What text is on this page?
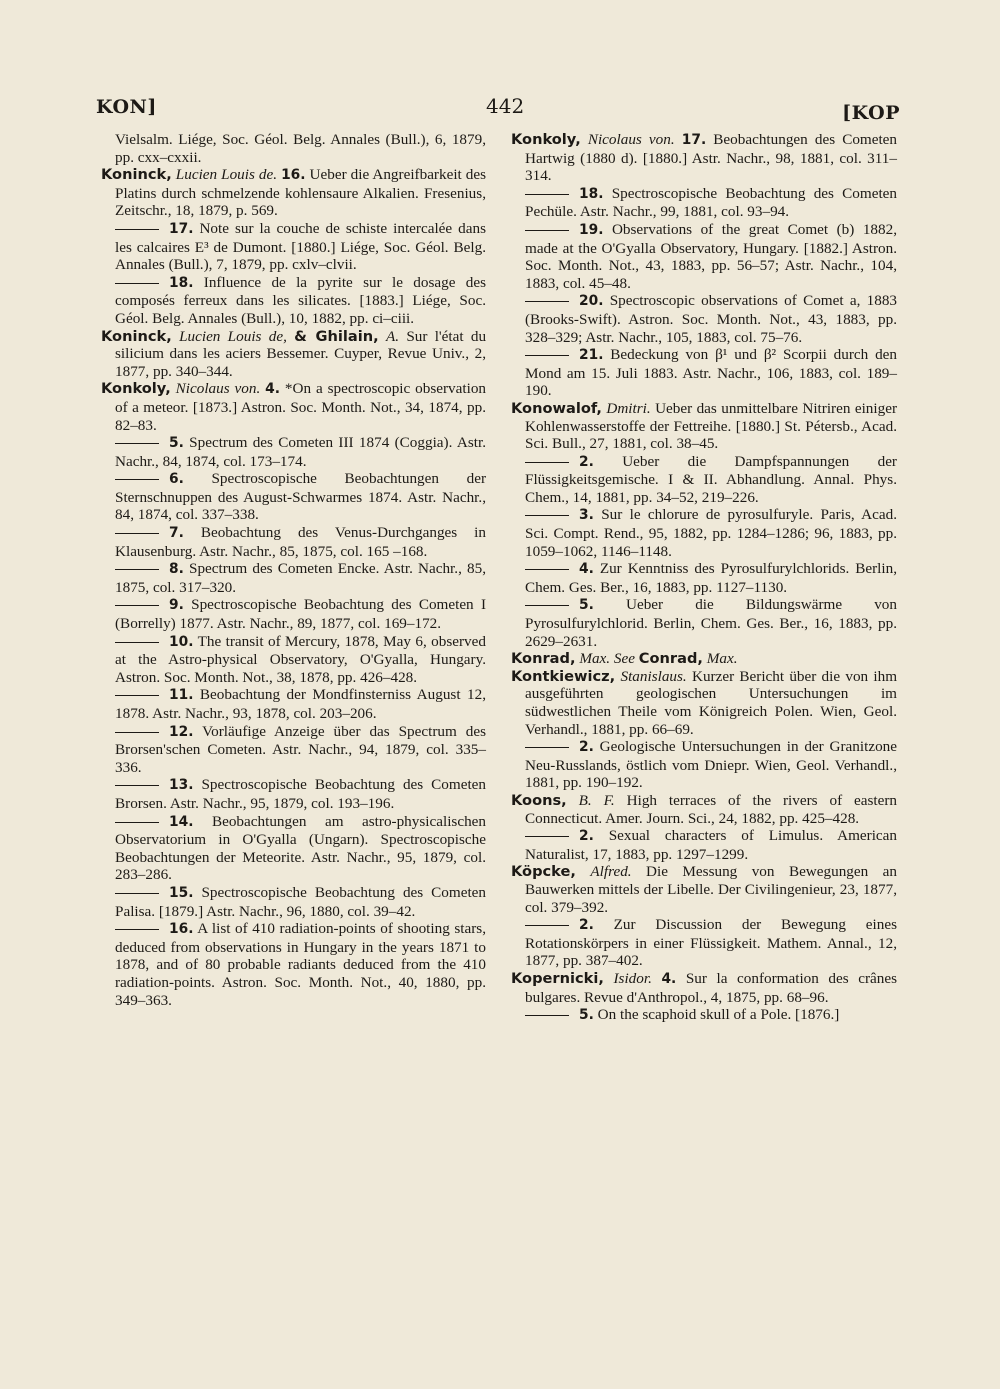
KON]	442	[KOP
Vielsalm. Liége, Soc. Géol. Belg. Annales (Bull.), 6, 1879, pp. cxx–cxxii.
Koninck, Lucien Louis de. 16. Ueber die Angreifbarkeit des Platins durch schmelzende kohlensaure Alkalien. Fresenius, Zeitschr., 18, 1879, p. 569.
17. Note sur la couche de schiste intercalée dans les calcaires E³ de Dumont. [1880.] Liége, Soc. Géol. Belg. Annales (Bull.), 7, 1879, pp. cxlv–clvii.
18. Influence de la pyrite sur le dosage des composés ferreux dans les silicates. [1883.] Liége, Soc. Géol. Belg. Annales (Bull.), 10, 1882, pp. ci–ciii.
Koninck, Lucien Louis de, & Ghilain, A. Sur l'état du silicium dans les aciers Bessemer. Cuyper, Revue Univ., 2, 1877, pp. 340–344.
Konkoly, Nicolaus von. 4. *On a spectroscopic observation of a meteor. [1873.] Astron. Soc. Month. Not., 34, 1874, pp. 82–83.
5. Spectrum des Cometen III 1874 (Coggia). Astr. Nachr., 84, 1874, col. 173–174.
6. Spectroscopische Beobachtungen der Sternschnuppen des August-Schwarmes 1874. Astr. Nachr., 84, 1874, col. 337–338.
7. Beobachtung des Venus-Durchganges in Klausenburg. Astr. Nachr., 85, 1875, col. 165 –168.
8. Spectrum des Cometen Encke. Astr. Nachr., 85, 1875, col. 317–320.
9. Spectroscopische Beobachtung des Cometen I (Borrelly) 1877. Astr. Nachr., 89, 1877, col. 169–172.
10. The transit of Mercury, 1878, May 6, observed at the Astro-physical Observatory, O'Gyalla, Hungary. Astron. Soc. Month. Not., 38, 1878, pp. 426–428.
11. Beobachtung der Mondfinsterniss August 12, 1878. Astr. Nachr., 93, 1878, col. 203–206.
12. Vorläufige Anzeige über das Spectrum des Brorsen'schen Cometen. Astr. Nachr., 94, 1879, col. 335–336.
13. Spectroscopische Beobachtung des Cometen Brorsen. Astr. Nachr., 95, 1879, col. 193–196.
14. Beobachtungen am astro-physicalischen Observatorium in O'Gyalla (Ungarn). Spectroscopische Beobachtungen der Meteorite. Astr. Nachr., 95, 1879, col. 283–286.
15. Spectroscopische Beobachtung des Cometen Palisa. [1879.] Astr. Nachr., 96, 1880, col. 39–42.
16. A list of 410 radiation-points of shooting stars, deduced from observations in Hungary in the years 1871 to 1878, and of 80 probable radiants deduced from the 410 radiation-points. Astron. Soc. Month. Not., 40, 1880, pp. 349–363.
Konkoly, Nicolaus von. 17. Beobachtungen des Cometen Hartwig (1880 d). [1880.] Astr. Nachr., 98, 1881, col. 311–314.
18. Spectroscopische Beobachtung des Cometen Pechüle. Astr. Nachr., 99, 1881, col. 93–94.
19. Observations of the great Comet (b) 1882, made at the O'Gyalla Observatory, Hungary. [1882.] Astron. Soc. Month. Not., 43, 1883, pp. 56–57; Astr. Nachr., 104, 1883, col. 45–48.
20. Spectroscopic observations of Comet a, 1883 (Brooks-Swift). Astron. Soc. Month. Not., 43, 1883, pp. 328–329; Astr. Nachr., 105, 1883, col. 75–76.
21. Bedeckung von β¹ und β² Scorpii durch den Mond am 15. Juli 1883. Astr. Nachr., 106, 1883, col. 189–190.
Konowalof, Dmitri. Ueber das unmittelbare Nitriren einiger Kohlenwasserstoffe der Fettreihe. [1880.] St. Pétersb., Acad. Sci. Bull., 27, 1881, col. 38–45.
2. Ueber die Dampfspannungen der Flüssigkeitsgemische. I & II. Abhandlung. Annal. Phys. Chem., 14, 1881, pp. 34–52, 219–226.
3. Sur le chlorure de pyrosulfuryle. Paris, Acad. Sci. Compt. Rend., 95, 1882, pp. 1284–1286; 96, 1883, pp. 1059–1062, 1146–1148.
4. Zur Kenntniss des Pyrosulfurylchlorids. Berlin, Chem. Ges. Ber., 16, 1883, pp. 1127–1130.
5. Ueber die Bildungswärme von Pyrosulfurylchlorid. Berlin, Chem. Ges. Ber., 16, 1883, pp. 2629–2631.
Konrad, Max. See Conrad, Max.
Kontkiewicz, Stanislaus. Kurzer Bericht über die von ihm ausgeführten geologischen Untersuchungen im südwestlichen Theile vom Königreich Polen. Wien, Geol. Verhandl., 1881, pp. 66–69.
2. Geologische Untersuchungen in der Granitzone Neu-Russlands, östlich vom Dniepr. Wien, Geol. Verhandl., 1881, pp. 190–192.
Koons, B. F. High terraces of the rivers of eastern Connecticut. Amer. Journ. Sci., 24, 1882, pp. 425–428.
2. Sexual characters of Limulus. American Naturalist, 17, 1883, pp. 1297–1299.
Köpcke, Alfred. Die Messung von Bewegungen an Bauwerken mittels der Libelle. Der Civilingenieur, 23, 1877, col. 379–392.
2. Zur Discussion der Bewegung eines Rotationskörpers in einer Flüssigkeit. Mathem. Annal., 12, 1877, pp. 387–402.
Kopernicki, Isidor. 4. Sur la conformation des crânes bulgares. Revue d'Anthropol., 4, 1875, pp. 68–96.
5. On the scaphoid skull of a Pole. [1876.]
